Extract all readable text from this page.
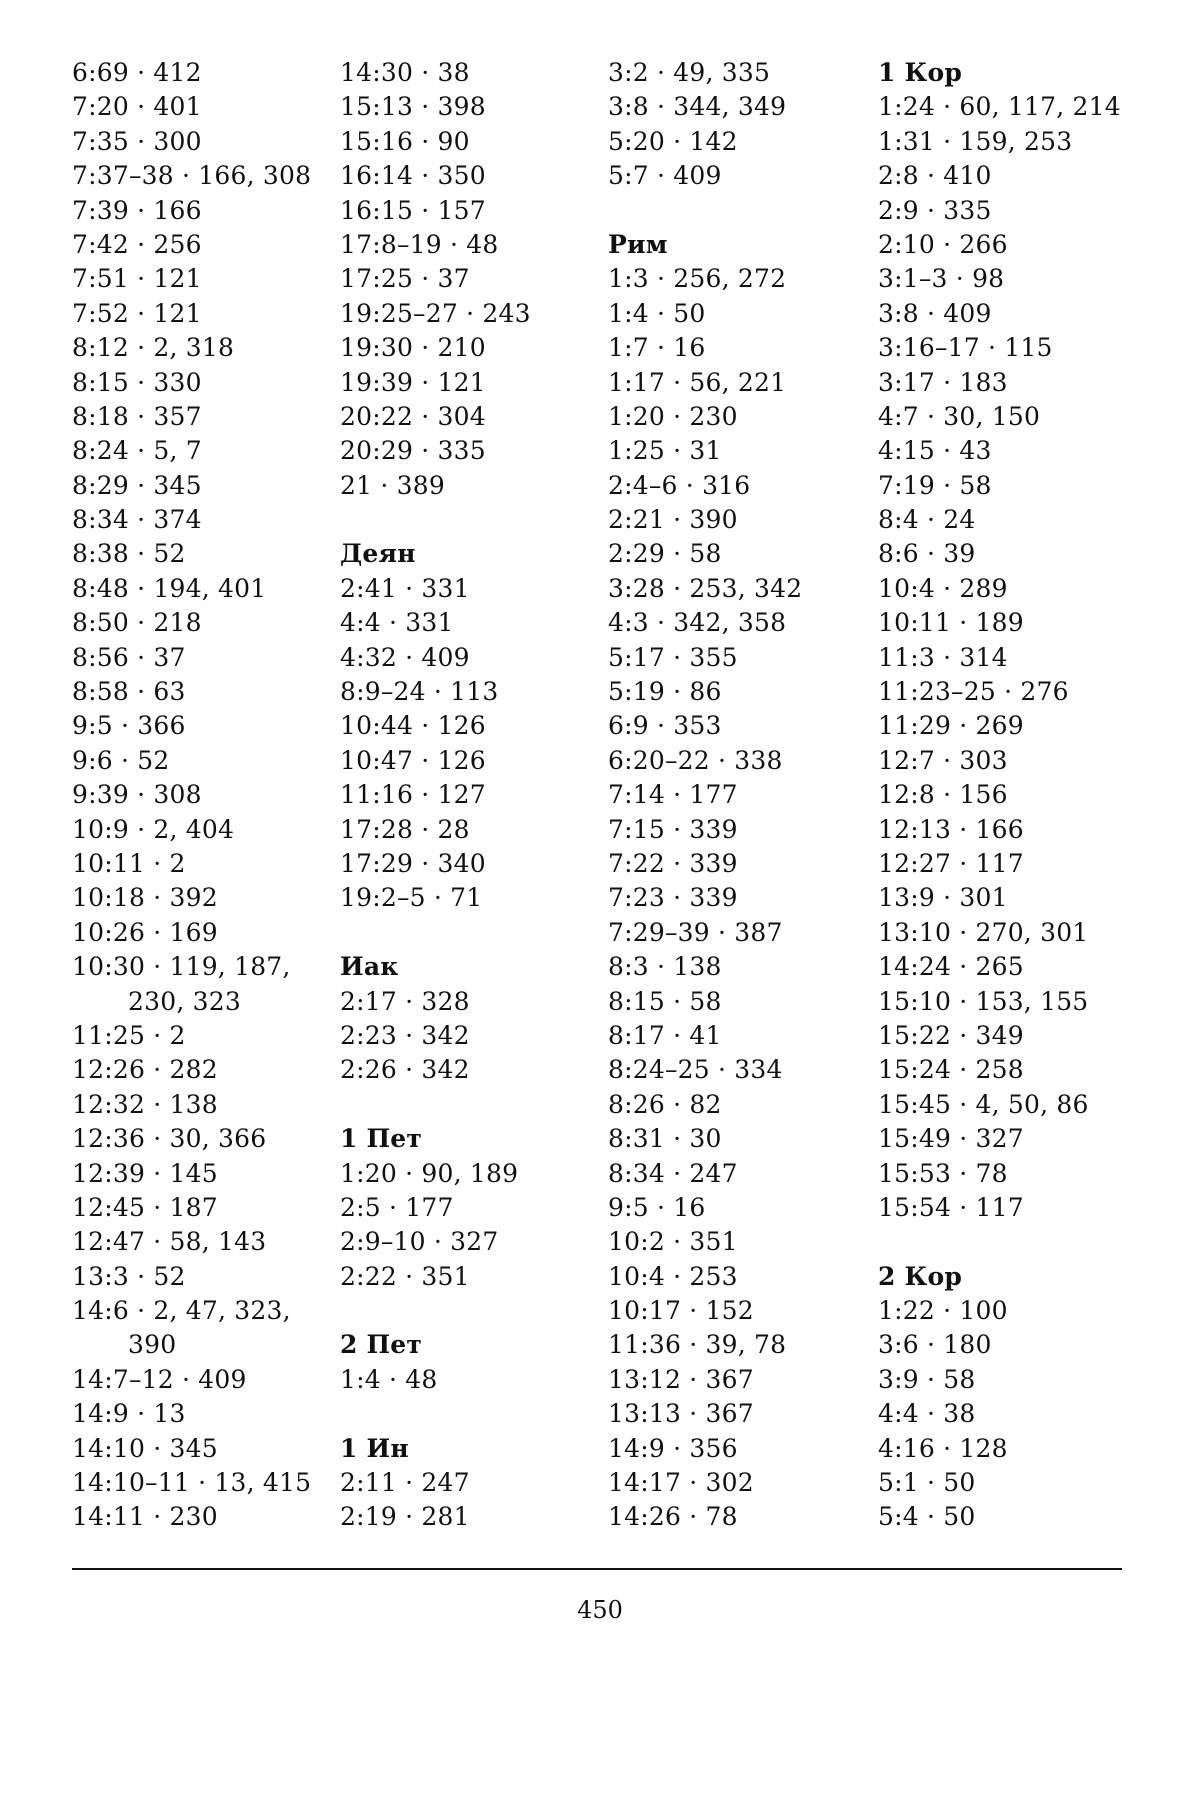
6:69 · 412
7:20 · 401
7:35 · 300
7:37–38 · 166, 308
7:39 · 166
7:42 · 256
7:51 · 121
7:52 · 121
8:12 · 2, 318
8:15 · 330
8:18 · 357
8:24 · 5, 7
8:29 · 345
8:34 · 374
8:38 · 52
8:48 · 194, 401
8:50 · 218
8:56 · 37
8:58 · 63
9:5 · 366
9:6 · 52
9:39 · 308
10:9 · 2, 404
10:11 · 2
10:18 · 392
10:26 · 169
10:30 · 119, 187,
230, 323
11:25 · 2
12:26 · 282
12:32 · 138
12:36 · 30, 366
12:39 · 145
12:45 · 187
12:47 · 58, 143
13:3 · 52
14:6 · 2, 47, 323,
390
14:7–12 · 409
14:9 · 13
14:10 · 345
14:10–11 · 13, 415
14:11 · 230
14:30 · 38
15:13 · 398
15:16 · 90
16:14 · 350
16:15 · 157
17:8–19 · 48
17:25 · 37
19:25–27 · 243
19:30 · 210
19:39 · 121
20:22 · 304
20:29 · 335
21 · 389
Деян
2:41 · 331
4:4 · 331
4:32 · 409
8:9–24 · 113
10:44 · 126
10:47 · 126
11:16 · 127
17:28 · 28
17:29 · 340
19:2–5 · 71
Иак
2:17 · 328
2:23 · 342
2:26 · 342
1 Пет
1:20 · 90, 189
2:5 · 177
2:9–10 · 327
2:22 · 351
2 Пет
1:4 · 48
1 Ин
2:11 · 247
2:19 · 281
3:2 · 49, 335
3:8 · 344, 349
5:20 · 142
5:7 · 409
Рим
1:3 · 256, 272
1:4 · 50
1:7 · 16
1:17 · 56, 221
1:20 · 230
1:25 · 31
2:4–6 · 316
2:21 · 390
2:29 · 58
3:28 · 253, 342
4:3 · 342, 358
5:17 · 355
5:19 · 86
6:9 · 353
6:20–22 · 338
7:14 · 177
7:15 · 339
7:22 · 339
7:23 · 339
7:29–39 · 387
8:3 · 138
8:15 · 58
8:17 · 41
8:24–25 · 334
8:26 · 82
8:31 · 30
8:34 · 247
9:5 · 16
10:2 · 351
10:4 · 253
10:17 · 152
11:36 · 39, 78
13:12 · 367
13:13 · 367
14:9 · 356
14:17 · 302
14:26 · 78
1 Кор
1:24 · 60, 117, 214
1:31 · 159, 253
2:8 · 410
2:9 · 335
2:10 · 266
3:1–3 · 98
3:8 · 409
3:16–17 · 115
3:17 · 183
4:7 · 30, 150
4:15 · 43
7:19 · 58
8:4 · 24
8:6 · 39
10:4 · 289
10:11 · 189
11:3 · 314
11:23–25 · 276
11:29 · 269
12:7 · 303
12:8 · 156
12:13 · 166
12:27 · 117
13:9 · 301
13:10 · 270, 301
14:24 · 265
15:10 · 153, 155
15:22 · 349
15:24 · 258
15:45 · 4, 50, 86
15:49 · 327
15:53 · 78
15:54 · 117
2 Кор
1:22 · 100
3:6 · 180
3:9 · 58
4:4 · 38
4:16 · 128
5:1 · 50
5:4 · 50
450
